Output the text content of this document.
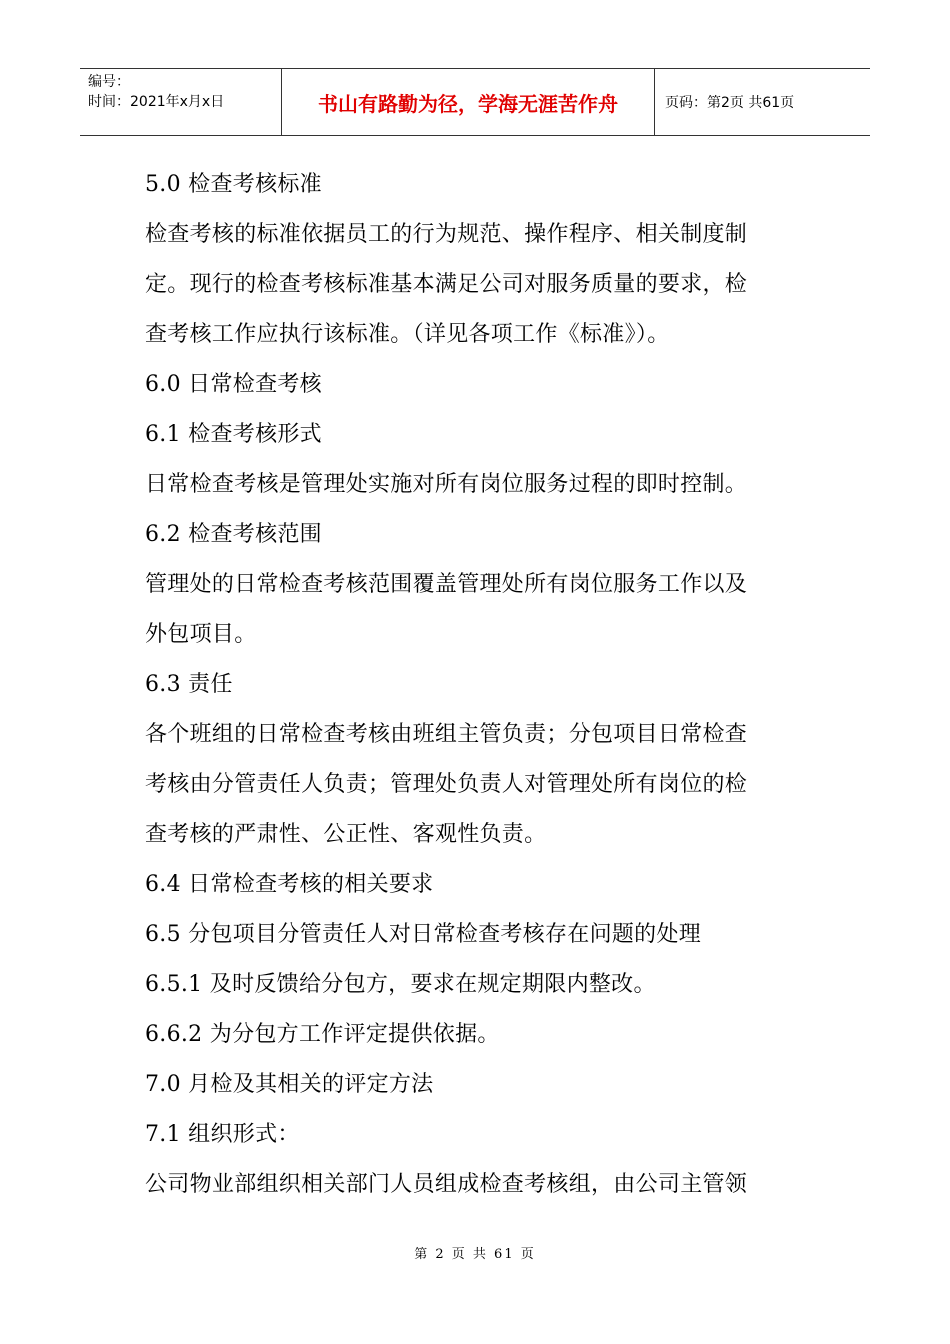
编号：
时间：2021年x月x日	书山有路勤为径，学海无涯苦作舟	页码：第2页 共61页
5.0 检查考核标准
检查考核的标准依据员工的行为规范、操作程序、相关制度制
定。现行的检查考核标准基本满足公司对服务质量的要求，检
查考核工作应执行该标准。（详见各项工作《标准》）。
6.0 日常检查考核
6.1 检查考核形式
日常检查考核是管理处实施对所有岗位服务过程的即时控制。
6.2 检查考核范围
管理处的日常检查考核范围覆盖管理处所有岗位服务工作以及
外包项目。
6.3 责任
各个班组的日常检查考核由班组主管负责；分包项目日常检查
考核由分管责任人负责；管理处负责人对管理处所有岗位的检
查考核的严肃性、公正性、客观性负责。
6.4 日常检查考核的相关要求
6.5 分包项目分管责任人对日常检查考核存在问题的处理
6.5.1 及时反馈给分包方，要求在规定期限内整改。
6.6.2 为分包方工作评定提供依据。
7.0 月检及其相关的评定方法
7.1 组织形式：
公司物业部组织相关部门人员组成检查考核组，由公司主管领
第 2 页 共 61 页
